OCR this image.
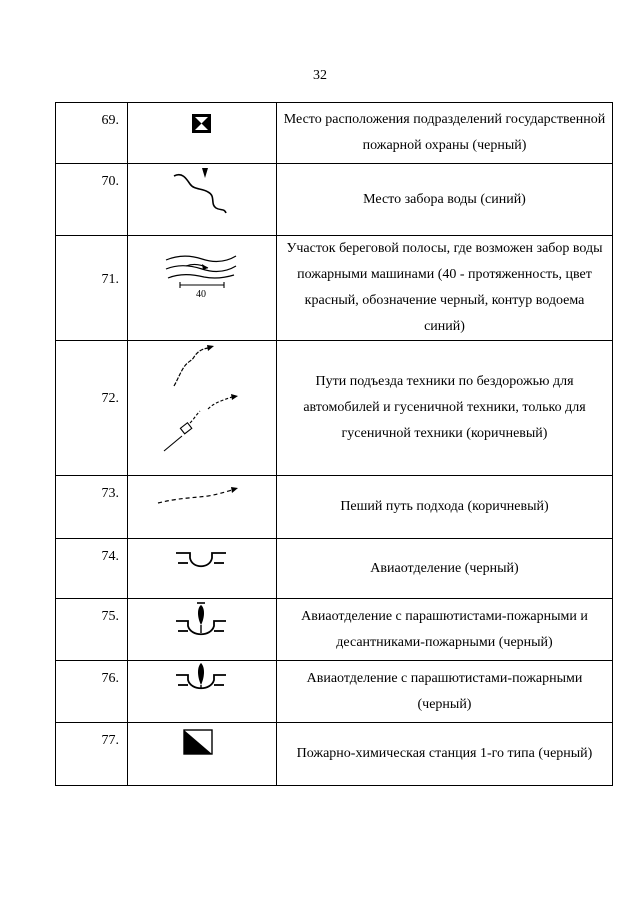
32
69.		Место расположения подразделений государственной пожарной охраны (черный)
70.		Место забора воды (синий)
71.	40	Участок береговой полосы, где возможен забор воды пожарными машинами (40 - протяженность, цвет красный, обозначение черный, контур водоема синий)
72.		Пути подъезда техники по бездорожью для автомобилей и гусеничной техники, только для гусеничной техники (коричневый)
73.		Пеший путь подхода (коричневый)
74.		Авиаотделение (черный)
75.		Авиаотделение с парашютистами-пожарными и десантниками-пожарными (черный)
76.		Авиаотделение с парашютистами-пожарными (черный)
77.		Пожарно-химическая станция 1-го типа (черный)
